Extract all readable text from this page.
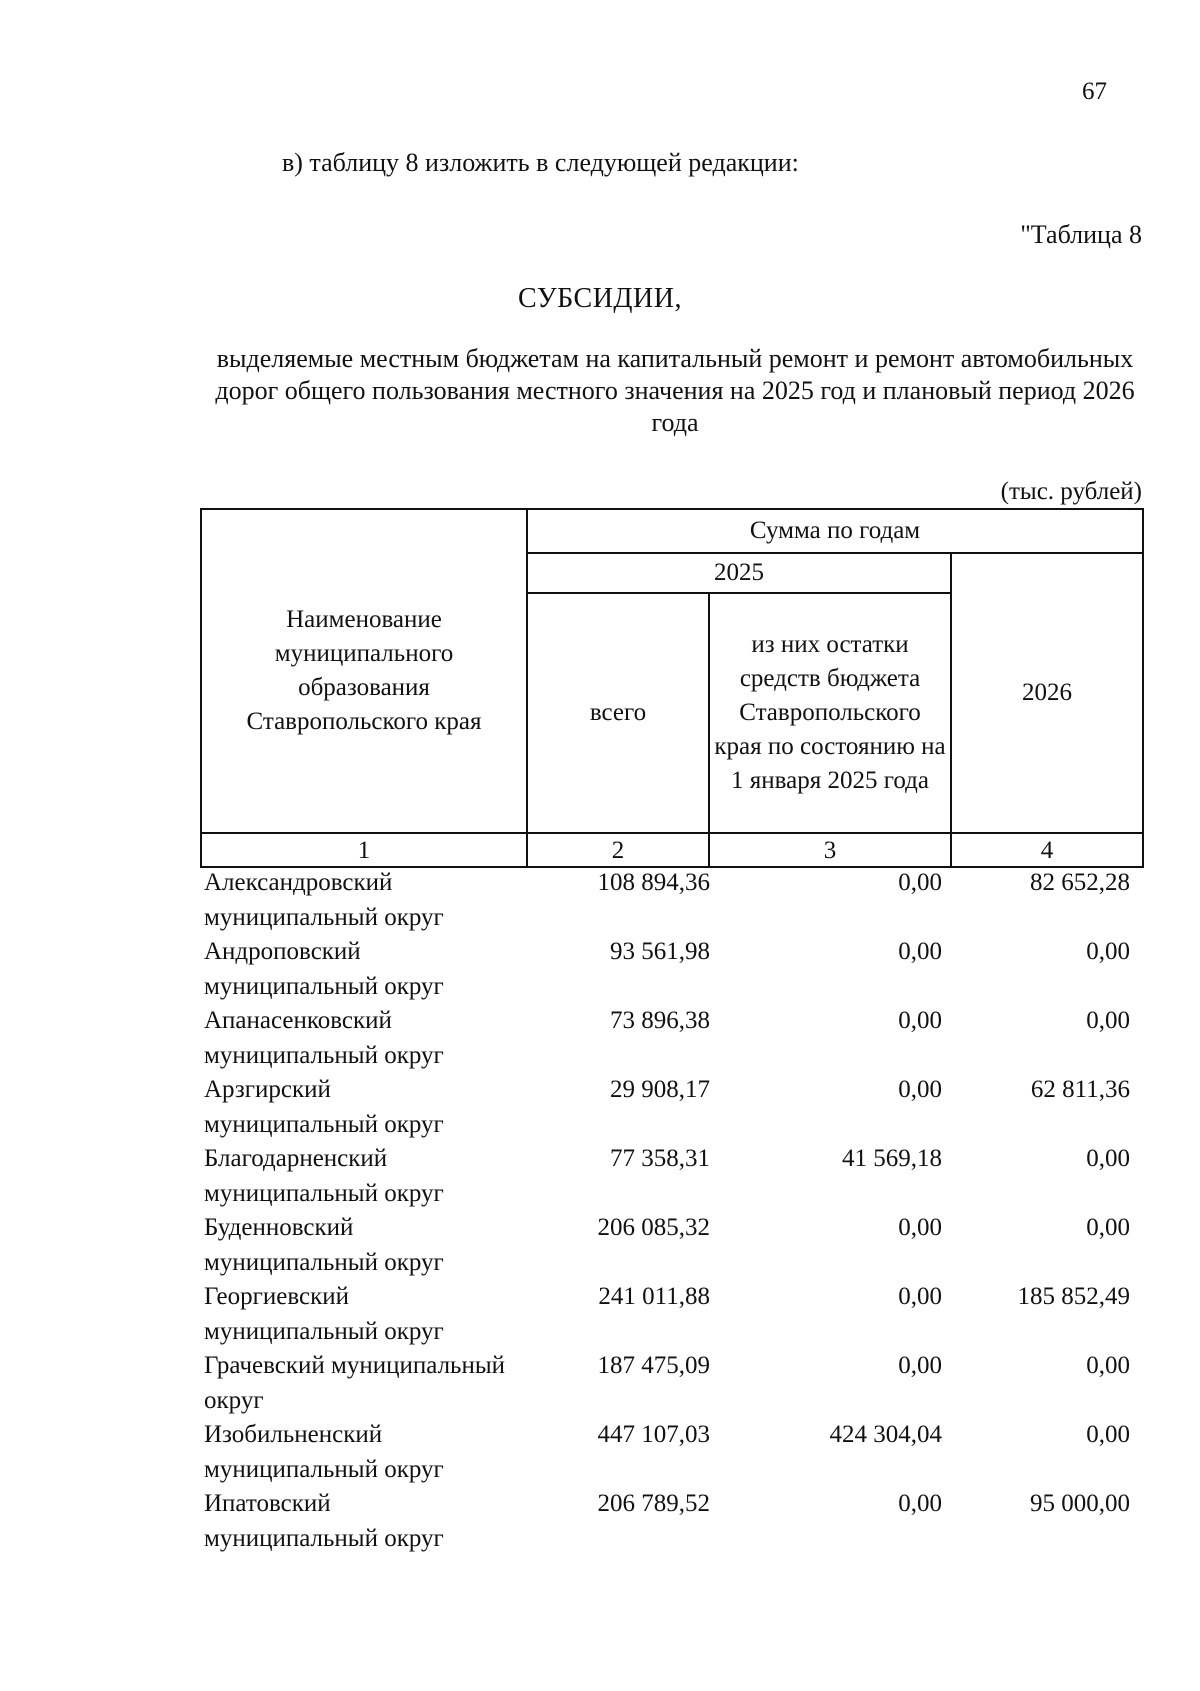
67
в) таблицу 8 изложить в следующей редакции:
"Таблица 8
СУБСИДИИ,
выделяемые местным бюджетам на капитальный ремонт и ремонт автомобильных дорог общего пользования местного значения на 2025 год и плановый период 2026 года
(тыс. рублей)
Наименование муниципального образования Ставропольского края	Сумма по годам		
	2025		2026
	всего	из них остатки средств бюджета Ставропольского края по состоянию на 1 января 2025 года	
1	2	3	4
Александровский муниципальный округ	108 894,36	0,00	82 652,28
Андроповский муниципальный округ	93 561,98	0,00	0,00
Апанасенковский муниципальный округ	73 896,38	0,00	0,00
Арзгирский муниципальный округ	29 908,17	0,00	62 811,36
Благодарненский муниципальный округ	77 358,31	41 569,18	0,00
Буденновский муниципальный округ	206 085,32	0,00	0,00
Георгиевский муниципальный округ	241 011,88	0,00	185 852,49
Грачевский муниципальный округ	187 475,09	0,00	0,00
Изобильненский муниципальный округ	447 107,03	424 304,04	0,00
Ипатовский муниципальный округ	206 789,52	0,00	95 000,00
